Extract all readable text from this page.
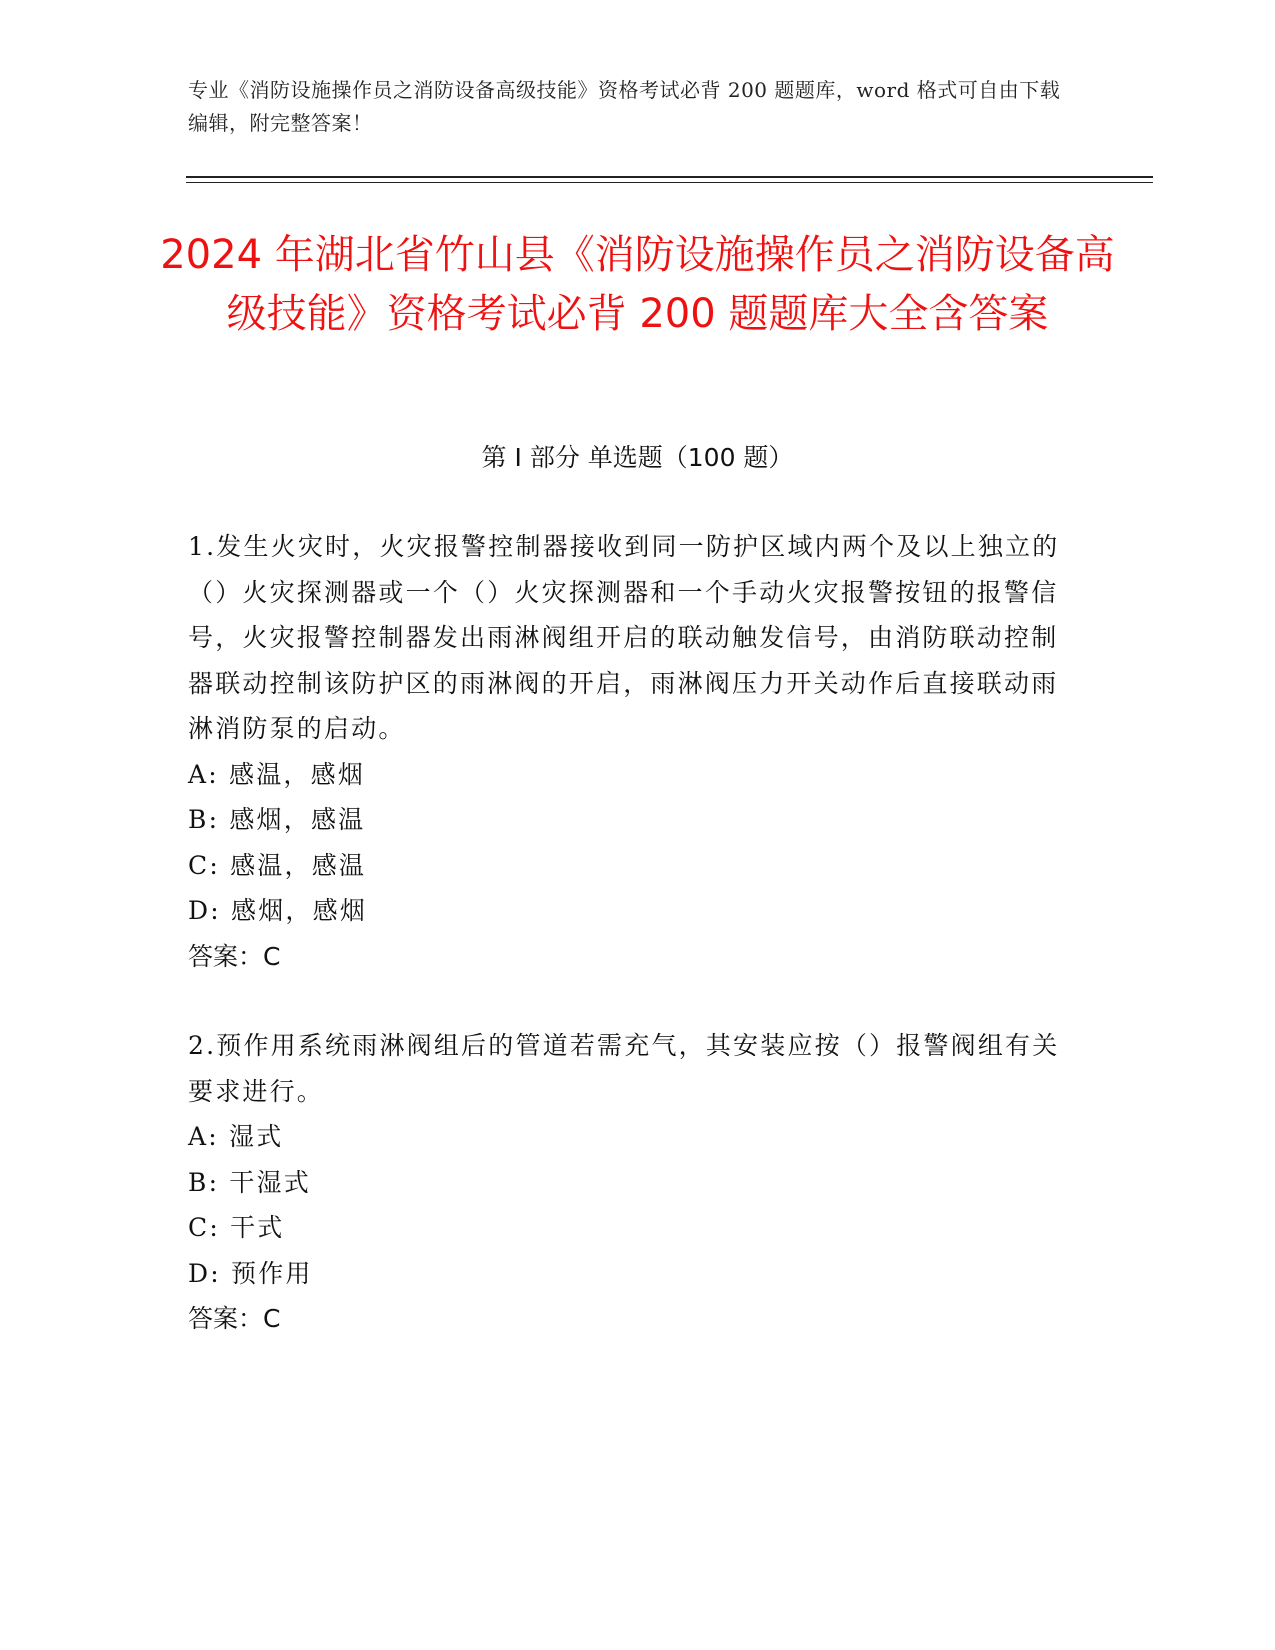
专业《消防设施操作员之消防设备高级技能》资格考试必背 200 题题库，word 格式可自由下载编辑，附完整答案！
2024 年湖北省竹山县《消防设施操作员之消防设备高级技能》资格考试必背 200 题题库大全含答案
第 I 部分 单选题（100 题）
1.发生火灾时，火灾报警控制器接收到同一防护区域内两个及以上独立的（）火灾探测器或一个（）火灾探测器和一个手动火灾报警按钮的报警信号，火灾报警控制器发出雨淋阀组开启的联动触发信号，由消防联动控制器联动控制该防护区的雨淋阀的开启，雨淋阀压力开关动作后直接联动雨淋消防泵的启动。
A: 感温，感烟
B: 感烟，感温
C: 感温，感温
D: 感烟，感烟
答案：C
2.预作用系统雨淋阀组后的管道若需充气，其安装应按（）报警阀组有关要求进行。
A: 湿式
B: 干湿式
C: 干式
D: 预作用
答案：C
